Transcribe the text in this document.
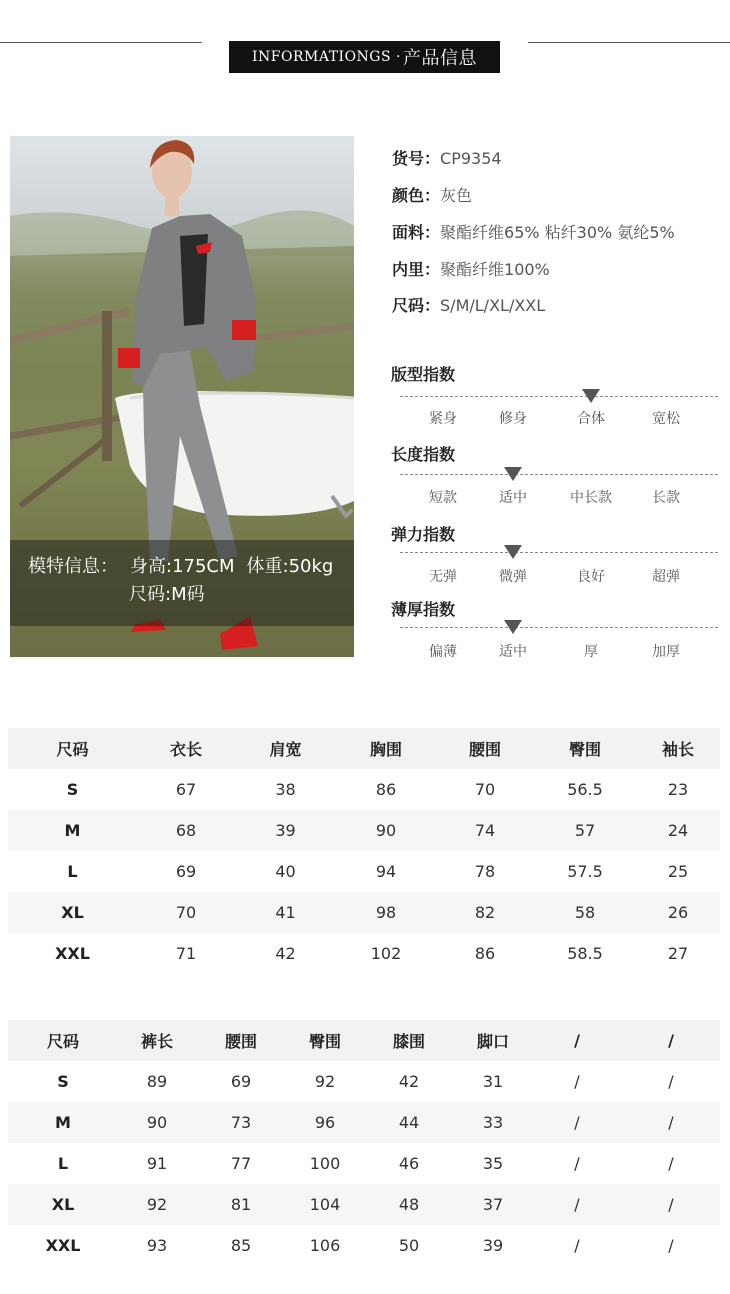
INFORMATIONGS · 产品信息
模特信息： 身高:175CM 体重:50kg
尺码:M码
货号：CP9354
颜色：灰色
面料：聚酯纤维65% 粘纤30% 氨纶5%
内里：聚酯纤维100%
尺码：S/M/L/XL/XXL
版型指数
紧身	修身	合体	宽松
长度指数
短款	适中	中长款	长款
弹力指数
无弹	微弹	良好	超弹
薄厚指数
偏薄	适中	厚	加厚
尺码	衣长	肩宽	胸围	腰围	臀围	袖长
S	67	38	86	70	56.5	23
M	68	39	90	74	57	24
L	69	40	94	78	57.5	25
XL	70	41	98	82	58	26
XXL	71	42	102	86	58.5	27
尺码	裤长	腰围	臀围	膝围	脚口	/	/
S	89	69	92	42	31	/	/
M	90	73	96	44	33	/	/
L	91	77	100	46	35	/	/
XL	92	81	104	48	37	/	/
XXL	93	85	106	50	39	/	/
